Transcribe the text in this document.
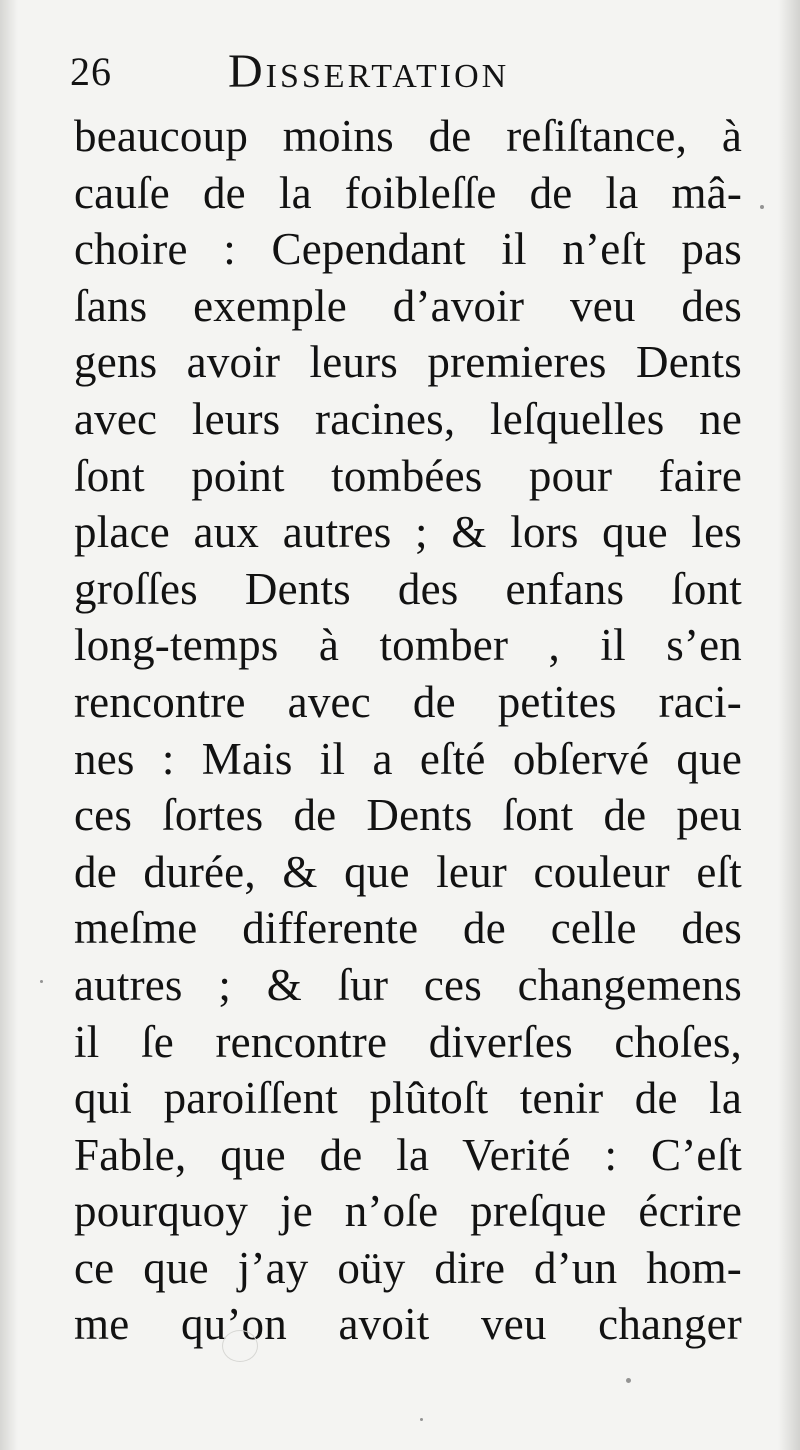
26 Dissertation
beaucoup moins de reſiſtance, à
cauſe de la foibleſſe de la mâ-
choire : Cependant il n’eſt pas
ſans exemple d’avoir veu des
gens avoir leurs premieres Dents
avec leurs racines, leſquelles ne
ſont point tombées pour faire
place aux autres ; & lors que les
groſſes Dents des enfans ſont
long-temps à tomber , il s’en
rencontre avec de petites raci-
nes : Mais il a eſté obſervé que
ces ſortes de Dents ſont de peu
de durée, & que leur couleur eſt
meſme differente de celle des
autres ; & ſur ces changemens
il ſe rencontre diverſes choſes,
qui paroiſſent plûtoſt tenir de la
Fable, que de la Verité : C’eſt
pourquoy je n’oſe preſque écrire
ce que j’ay oüy dire d’un hom-
me qu’on avoit veu changer
